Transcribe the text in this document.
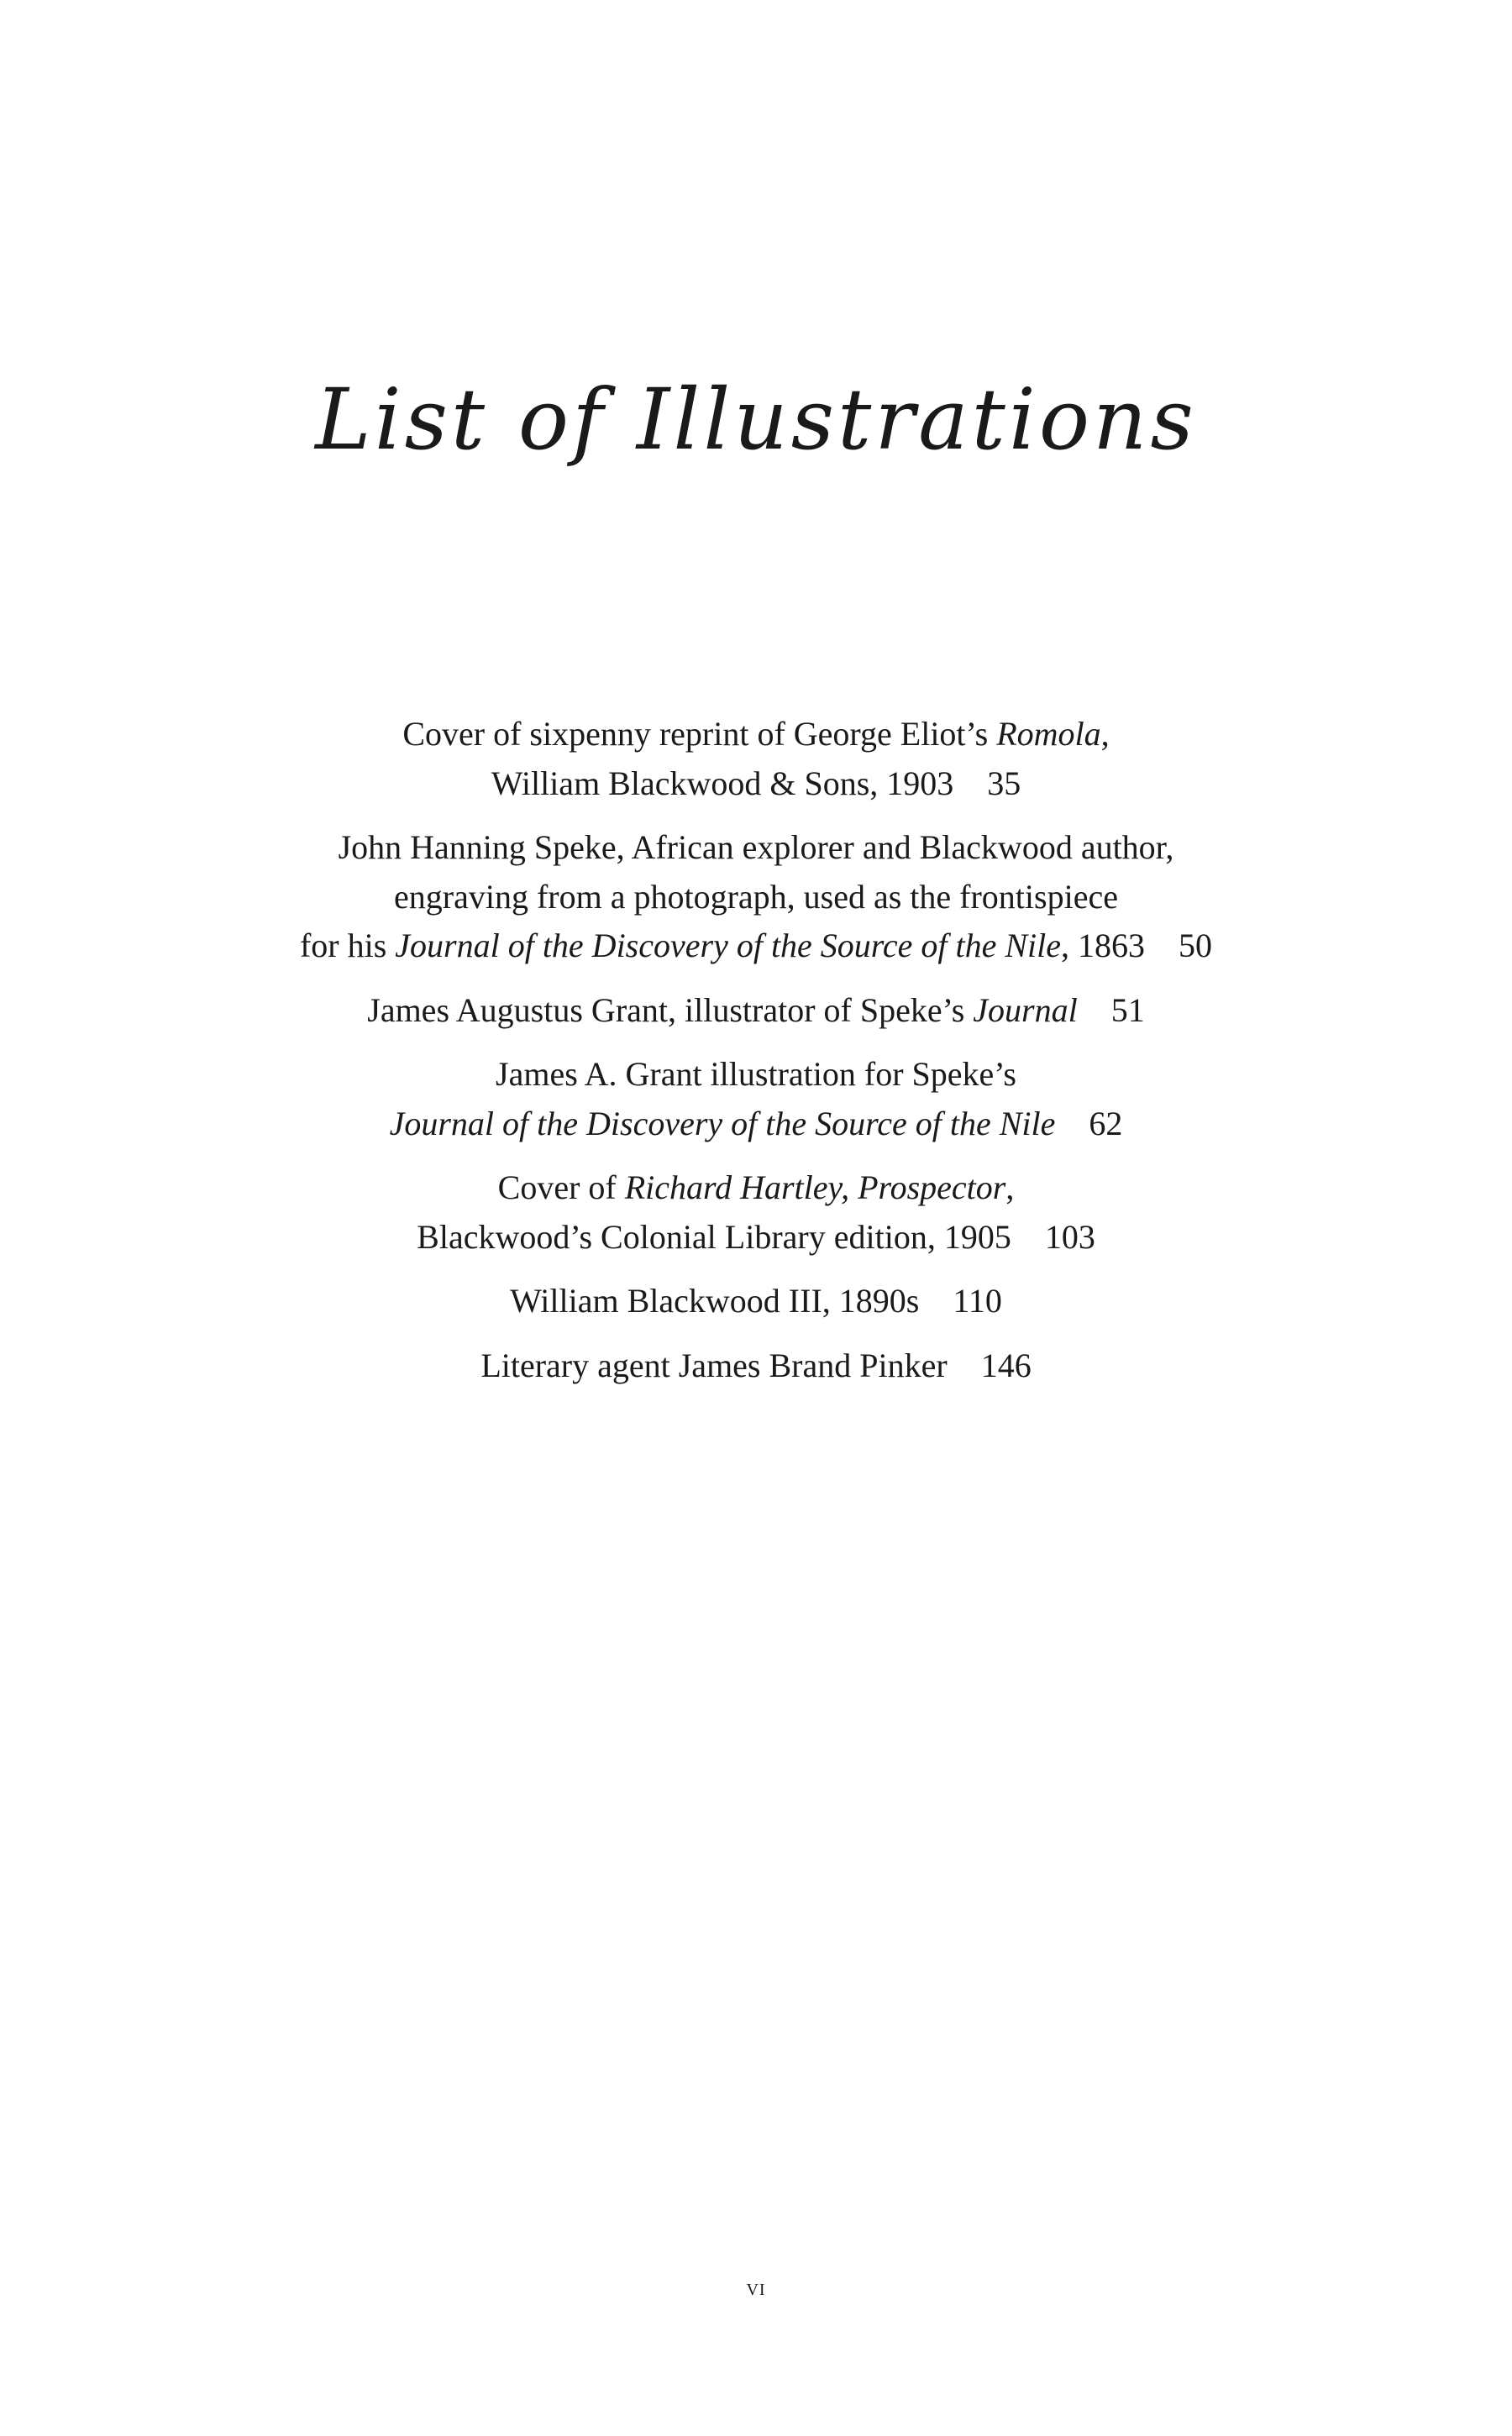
List of Illustrations
Cover of sixpenny reprint of George Eliot’s Romola,
William Blackwood & Sons, 1903 35
John Hanning Speke, African explorer and Blackwood author,
engraving from a photograph, used as the frontispiece
for his Journal of the Discovery of the Source of the Nile, 1863 50
James Augustus Grant, illustrator of Speke’s Journal 51
James A. Grant illustration for Speke’s
Journal of the Discovery of the Source of the Nile 62
Cover of Richard Hartley, Prospector,
Blackwood’s Colonial Library edition, 1905 103
William Blackwood III, 1890s 110
Literary agent James Brand Pinker 146
vi
